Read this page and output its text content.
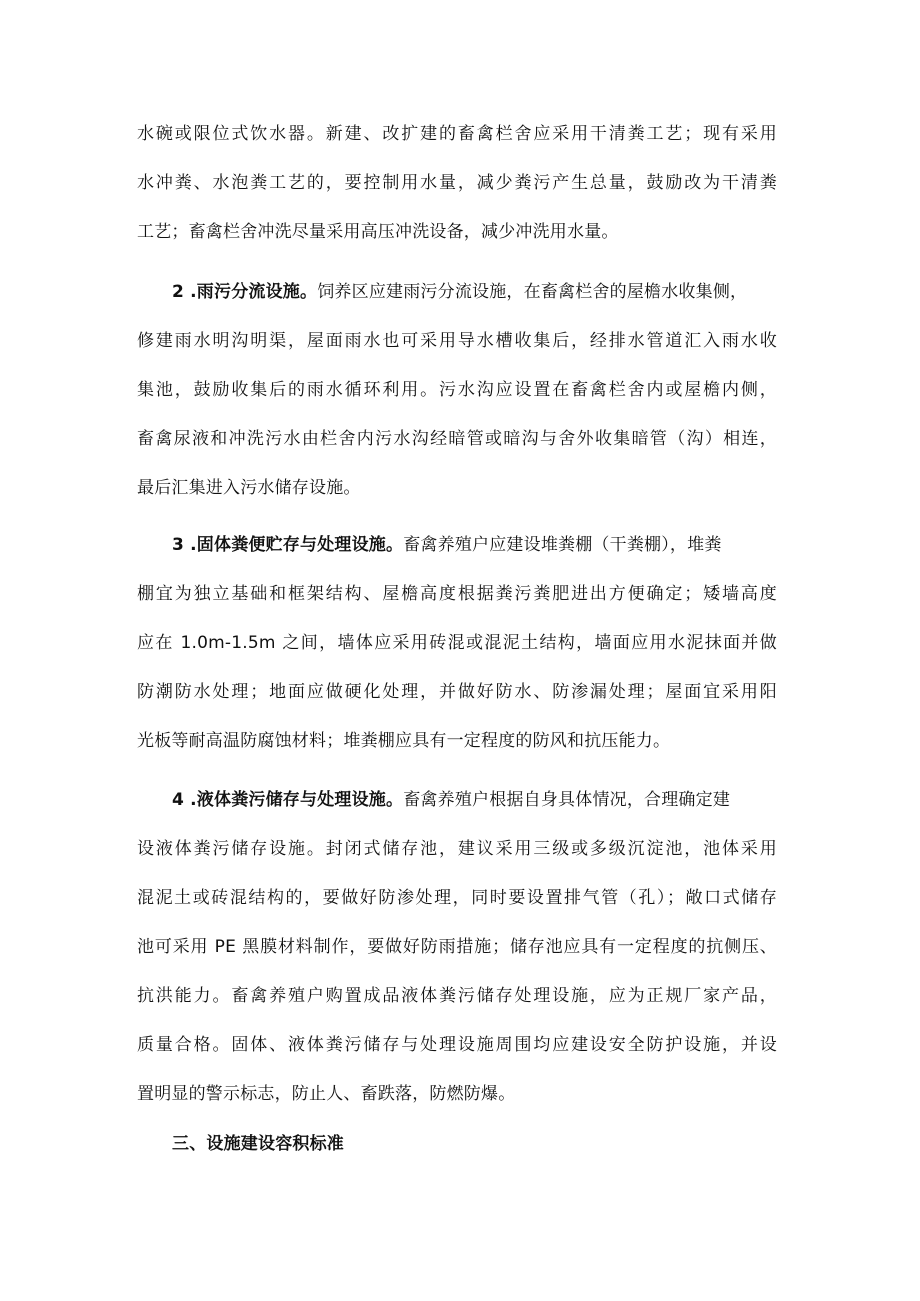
水碗或限位式饮水器。新建、改扩建的畜禽栏舍应采用干清粪工艺；现有采用
水冲粪、水泡粪工艺的，要控制用水量，减少粪污产生总量，鼓励改为干清粪
工艺；畜禽栏舍冲洗尽量采用高压冲洗设备，减少冲洗用水量。
2 .雨污分流设施。饲养区应建雨污分流设施，在畜禽栏舍的屋檐水收集侧，
修建雨水明沟明渠，屋面雨水也可采用导水槽收集后，经排水管道汇入雨水收
集池，鼓励收集后的雨水循环利用。污水沟应设置在畜禽栏舍内或屋檐内侧，
畜禽尿液和冲洗污水由栏舍内污水沟经暗管或暗沟与舍外收集暗管（沟）相连，
最后汇集进入污水储存设施。
3 .固体粪便贮存与处理设施。畜禽养殖户应建设堆粪棚（干粪棚），堆粪
棚宜为独立基础和框架结构、屋檐高度根据粪污粪肥进出方便确定；矮墙高度
应在 1.0m-1.5m 之间，墙体应采用砖混或混泥土结构，墙面应用水泥抹面并做
防潮防水处理；地面应做硬化处理，并做好防水、防渗漏处理；屋面宜采用阳
光板等耐高温防腐蚀材料；堆粪棚应具有一定程度的防风和抗压能力。
4 .液体粪污储存与处理设施。畜禽养殖户根据自身具体情况，合理确定建
设液体粪污储存设施。封闭式储存池，建议采用三级或多级沉淀池，池体采用
混泥土或砖混结构的，要做好防渗处理，同时要设置排气管（孔）；敞口式储存
池可采用 PE 黑膜材料制作，要做好防雨措施；储存池应具有一定程度的抗侧压、
抗洪能力。畜禽养殖户购置成品液体粪污储存处理设施，应为正规厂家产品，
质量合格。固体、液体粪污储存与处理设施周围均应建设安全防护设施，并设
置明显的警示标志，防止人、畜跌落，防燃防爆。
三、设施建设容积标准
